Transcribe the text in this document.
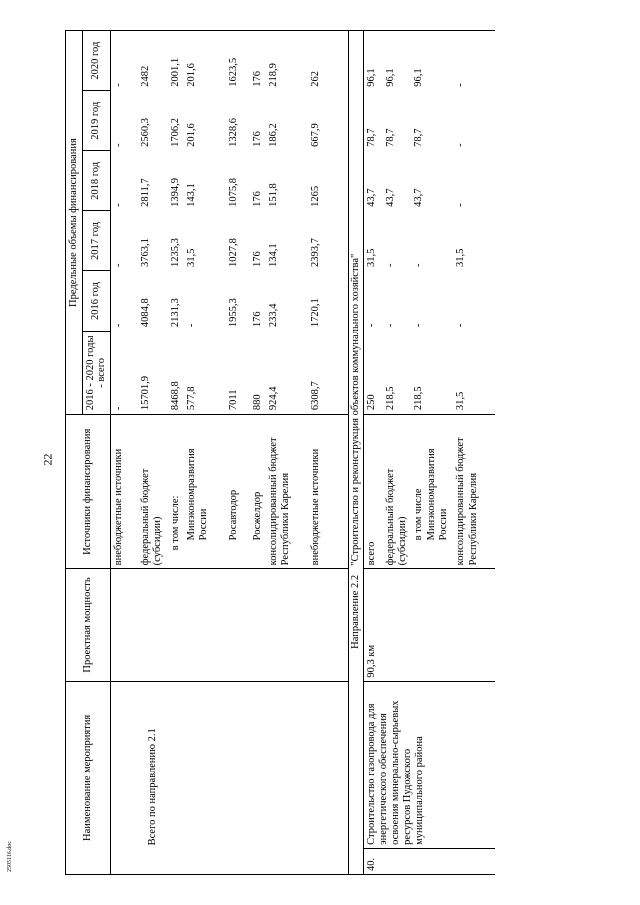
22
2505116.doc
Наименование мероприятия		Проектная мощность	Источники финансирования	Предельные объемы финансирования					
				2016 - 2020 годы - всего	2016 год	2017 год	2018 год	2019 год	2020 год
			внебюджетные источники	-	-	-	-	-	-
	Всего по направлению 2.1		федеральный бюджет (субсидии)	15701,9	4084,8	3763,1	2811,7	2560,3	2482
			в том числе:	8468,8	2131,3	1235,3	1394,9	1706,2	2001,1
			Минэкономразвития России	577,8	-	31,5	143,1	201,6	201,6
			Росавтодор	7011	1955,3	1027,8	1075,8	1328,6	1623,5
			Росжелдор	880	176	176	176	176	176
			консолидированный бюджет Республики Карелия	924,4	233,4	134,1	151,8	186,2	218,9
			внебюджетные источники	6308,7	1720,1	2393,7	1265	667,9	262
	Направление 2.2		"Строительство и реконструкция объектов коммунального хозяйства"						
40.	Строительство газопровода для энергетического обеспечения освоения минерально-сырьевых ресурсов Пудожского муниципального района	90,3 км	всего	250	-	31,5	43,7	78,7	96,1
			федеральный бюджет (субсидии)	218,5	-	-	43,7	78,7	96,1
			в том числе Минэкономразвития России	218,5	-	-	43,7	78,7	96,1
			консолидированный бюджет Республики Карелия	31,5	-	31,5	-	-	-
